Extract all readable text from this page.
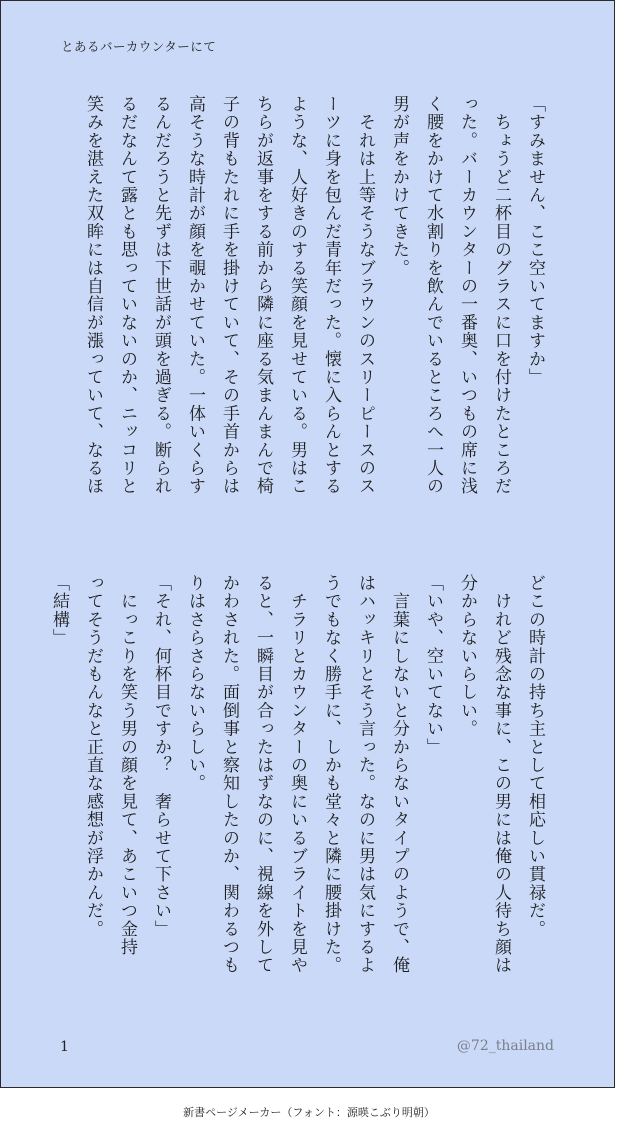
とあるバーカウンターにて

「すみません、ここ空いてますか」

　ちょうど二杯目のグラスに口を付けたところだ

った。バーカウンターの一番奥、いつもの席に浅

く腰をかけて水割りを飲んでいるところへ一人の

男が声をかけてきた。

　それは上等そうなブラウンのスリーピースのス

ーツに身を包んだ青年だった。懐に入らんとする

ような、人好きのする笑顔を見せている。男はこ

ちらが返事をする前から隣に座る気まんまんで椅

子の背もたれに手を掛けていて、その手首からは

高そうな時計が顔を覗かせていた。一体いくらす

るんだろうと先ずは下世話が頭を過ぎる。断られ

るだなんて露とも思っていないのか、ニッコリと

笑みを湛えた双眸には自信が漲っていて、なるほ

どこの時計の持ち主として相応しい貫禄だ。

　けれど残念な事に、この男には俺の人待ち顔は

分からないらしい。

「いや、空いてない」

　言葉にしないと分からないタイプのようで、俺

はハッキリとそう言った。なのに男は気にするよ

うでもなく勝手に、しかも堂々と隣に腰掛けた。

　チラリとカウンターの奥にいるブライトを見や

ると、一瞬目が合ったはずなのに、視線を外して

かわされた。面倒事と察知したのか、関わるつも

りはさらさらないらしい。

「それ、何杯目ですか？　奢らせて下さい」

　にっこりを笑う男の顔を見て、あこいつ金持

ってそうだもんなと正直な感想が浮かんだ。

「結構」

1	@72_thailand
新書ページメーカー（フォント：源暎こぶり明朝）
